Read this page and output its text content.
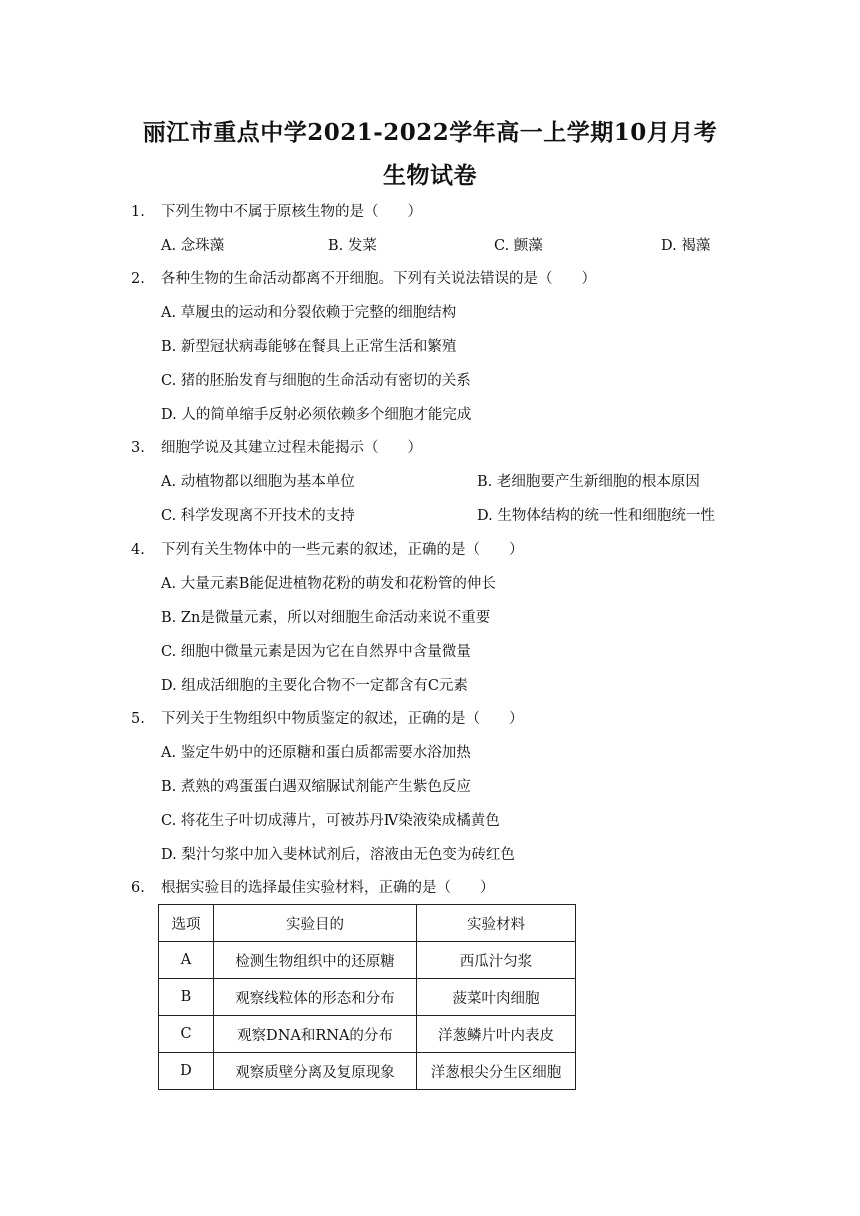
丽江市重点中学2021-2022学年高一上学期10月月考
生物试卷
1. 下列生物中不属于原核生物的是（　　）
A. 念珠藻	B. 发菜	C. 颤藻	D. 褐藻
2. 各种生物的生命活动都离不开细胞。下列有关说法错误的是（　　）
A. 草履虫的运动和分裂依赖于完整的细胞结构
B. 新型冠状病毒能够在餐具上正常生活和繁殖
C. 猪的胚胎发育与细胞的生命活动有密切的关系
D. 人的简单缩手反射必须依赖多个细胞才能完成
3. 细胞学说及其建立过程未能揭示（　　）
A. 动植物都以细胞为基本单位	B. 老细胞要产生新细胞的根本原因
C. 科学发现离不开技术的支持	D. 生物体结构的统一性和细胞统一性
4. 下列有关生物体中的一些元素的叙述，正确的是（　　）
A. 大量元素B能促进植物花粉的萌发和花粉管的伸长
B. Zn是微量元素，所以对细胞生命活动来说不重要
C. 细胞中微量元素是因为它在自然界中含量微量
D. 组成活细胞的主要化合物不一定都含有C元素
5. 下列关于生物组织中物质鉴定的叙述，正确的是（　　）
A. 鉴定牛奶中的还原糖和蛋白质都需要水浴加热
B. 煮熟的鸡蛋蛋白遇双缩脲试剂能产生紫色反应
C. 将花生子叶切成薄片，可被苏丹Ⅳ染液染成橘黄色
D. 梨汁匀浆中加入斐林试剂后，溶液由无色变为砖红色
6. 根据实验目的选择最佳实验材料，正确的是（　　）
选项	实验目的	实验材料
A	检测生物组织中的还原糖	西瓜汁匀浆
B	观察线粒体的形态和分布	菠菜叶肉细胞
C	观察DNA和RNA的分布	洋葱鳞片叶内表皮
D	观察质壁分离及复原现象	洋葱根尖分生区细胞
